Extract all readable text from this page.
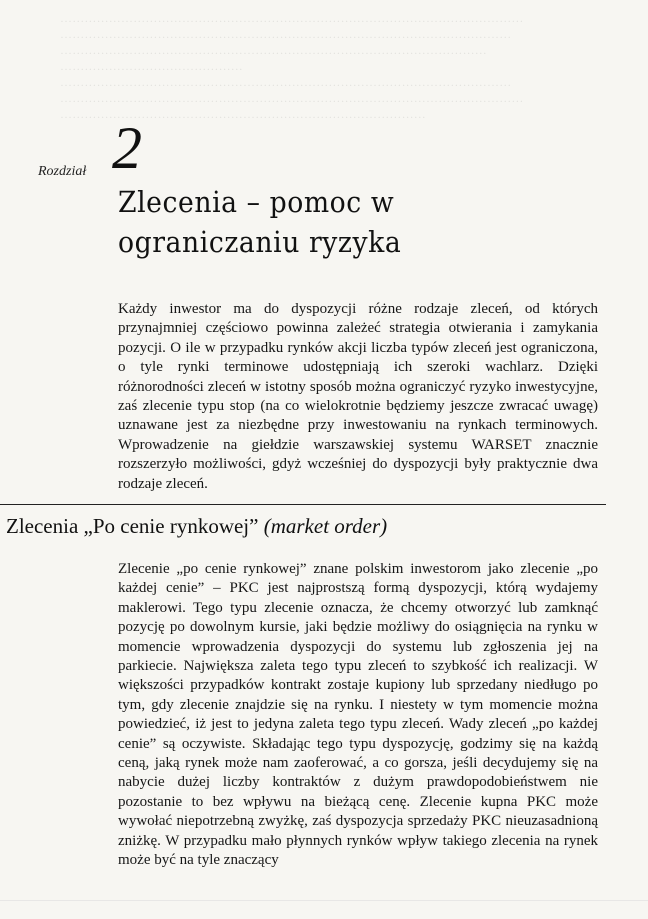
……………………………………………………………………………………………………

…………………………………………………………………………………………………

……………………………………………………………………………………………

………………………………………

…………………………………………………………………………………………………

……………………………………………………………………………………………………

………………………………………………………………………………

Rozdział 2
Zlecenia – pomoc w ograniczaniu ryzyka

Każdy inwestor ma do dyspozycji różne rodzaje zleceń, od których przynajmniej częściowo powinna zależeć strategia otwierania i zamykania pozycji. O ile w przypadku rynków akcji liczba typów zleceń jest ograniczona, o tyle rynki terminowe udostępniają ich szeroki wachlarz. Dzięki różnorodności zleceń w istotny sposób można ograniczyć ryzyko inwestycyjne, zaś zlecenie typu stop (na co wielokrotnie będziemy jeszcze zwracać uwagę) uznawane jest za niezbędne przy inwestowaniu na rynkach terminowych. Wprowadzenie na giełdzie warszawskiej systemu WARSET znacznie rozszerzyło możliwości, gdyż wcześniej do dyspozycji były praktycznie dwa rodzaje zleceń.

Zlecenia „Po cenie rynkowej” (market order)

Zlecenie „po cenie rynkowej” znane polskim inwestorom jako zlecenie „po każdej cenie” – PKC jest najprostszą formą dyspozycji, którą wydajemy maklerowi. Tego typu zlecenie oznacza, że chcemy otworzyć lub zamknąć pozycję po dowolnym kursie, jaki będzie możliwy do osiągnięcia na rynku w momencie wprowadzenia dyspozycji do systemu lub zgłoszenia jej na parkiecie. Największa zaleta tego typu zleceń to szybkość ich realizacji. W większości przypadków kontrakt zostaje kupiony lub sprzedany niedługo po tym, gdy zlecenie znajdzie się na rynku. I niestety w tym momencie można powiedzieć, iż jest to jedyna zaleta tego typu zleceń. Wady zleceń „po każdej cenie” są oczywiste. Składając tego typu dyspozycję, godzimy się na każdą ceną, jaką rynek może nam zaoferować, a co gorsza, jeśli decydujemy się na nabycie dużej liczby kontraktów z dużym prawdopodobieństwem nie pozostanie to bez wpływu na bieżącą cenę. Zlecenie kupna PKC może wywołać niepotrzebną zwyżkę, zaś dyspozycja sprzedaży PKC nieuzasadnioną zniżkę. W przypadku mało płynnych rynków wpływ takiego zlecenia na rynek może być na tyle znaczący
